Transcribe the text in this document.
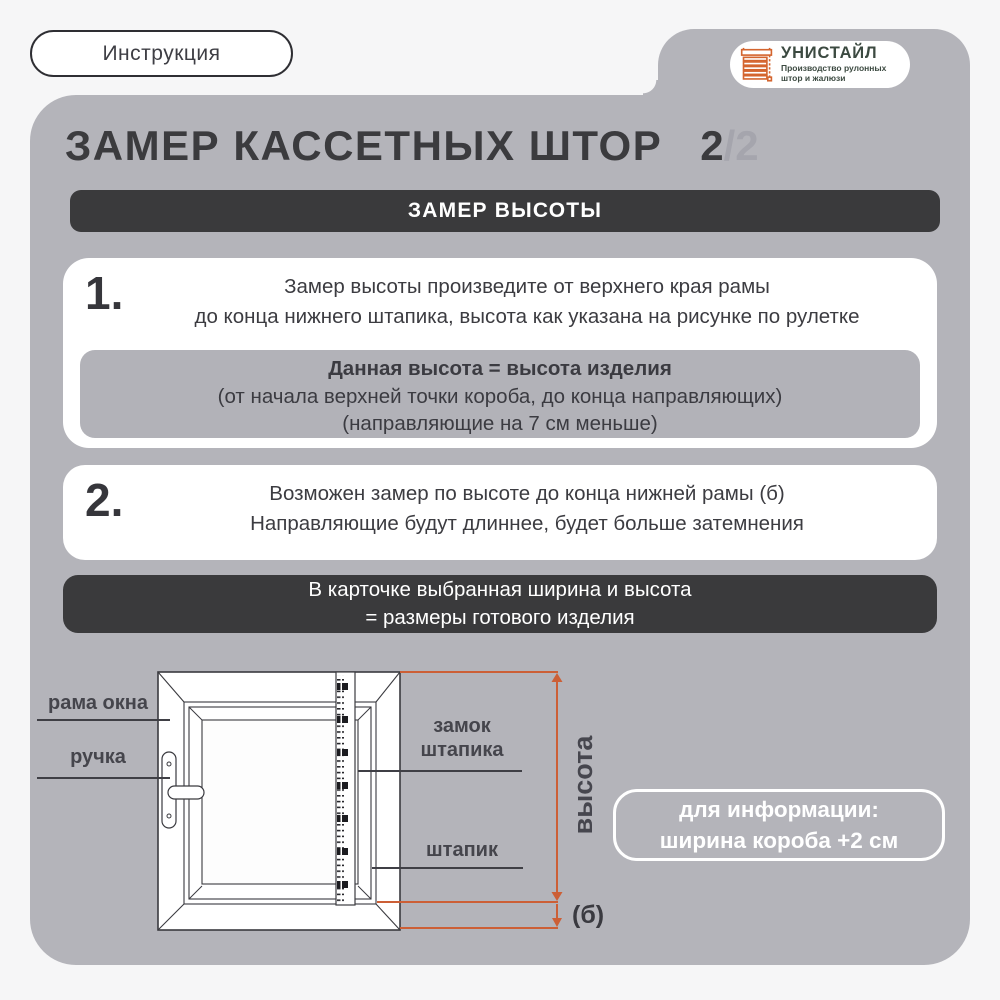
Инструкция	УНИСТАЙЛ
Производство рулонных
штор и жалюзи
ЗАМЕР КАССЕТНЫХ ШТОР 2/2
ЗАМЕР ВЫСОТЫ
1.	Замер высоты произведите от верхнего края рамы
до конца нижнего штапика, высота как указана на рисунке по рулетке
Данная высота = высота изделия
(от начала верхней точки короба, до конца направляющих)
(направляющие на 7 см меньше)
2.	Возможен замер по высоте до конца нижней рамы (б)
Направляющие будут длиннее, будет больше затемнения
В карточке выбранная ширина и высота
= размеры готового изделия
рама окна
ручка
замок
штапика
штапик
высота
(б)
для информации:
ширина короба +2 см
